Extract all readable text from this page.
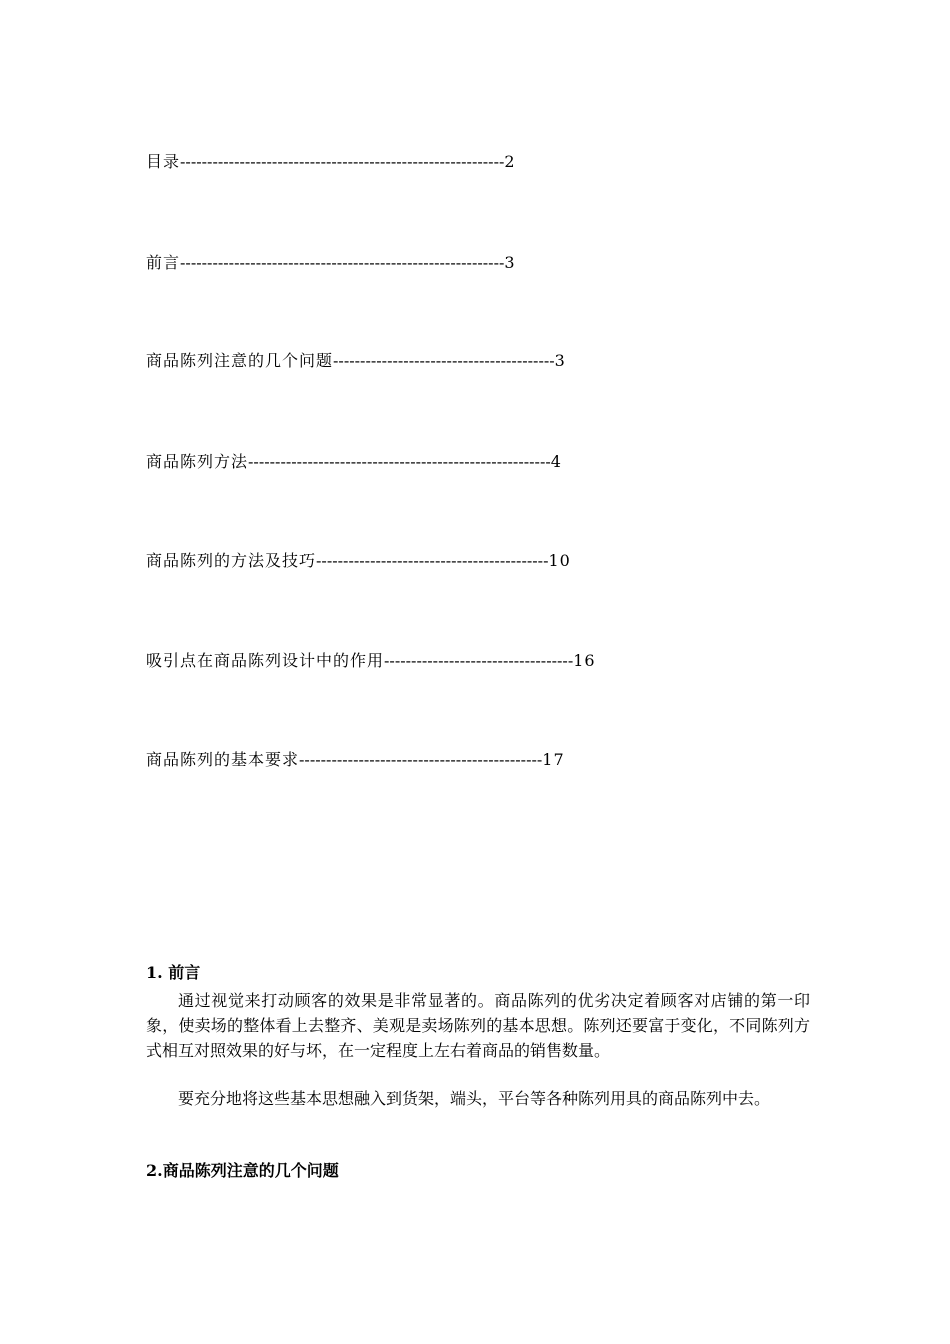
目录------------------------------------------------------------2
前言------------------------------------------------------------3
商品陈列注意的几个问题-----------------------------------------3
商品陈列方法--------------------------------------------------------4
商品陈列的方法及技巧-------------------------------------------10
吸引点在商品陈列设计中的作用-----------------------------------16
商品陈列的基本要求---------------------------------------------17
1. 前言

通过视觉来打动顾客的效果是非常显著的。商品陈列的优劣决定着顾客对店铺的第一印象，使卖场的整体看上去整齐、美观是卖场陈列的基本思想。陈列还要富于变化，不同陈列方式相互对照效果的好与坏，在一定程度上左右着商品的销售数量。

要充分地将这些基本思想融入到货架，端头，平台等各种陈列用具的商品陈列中去。

2.商品陈列注意的几个问题
